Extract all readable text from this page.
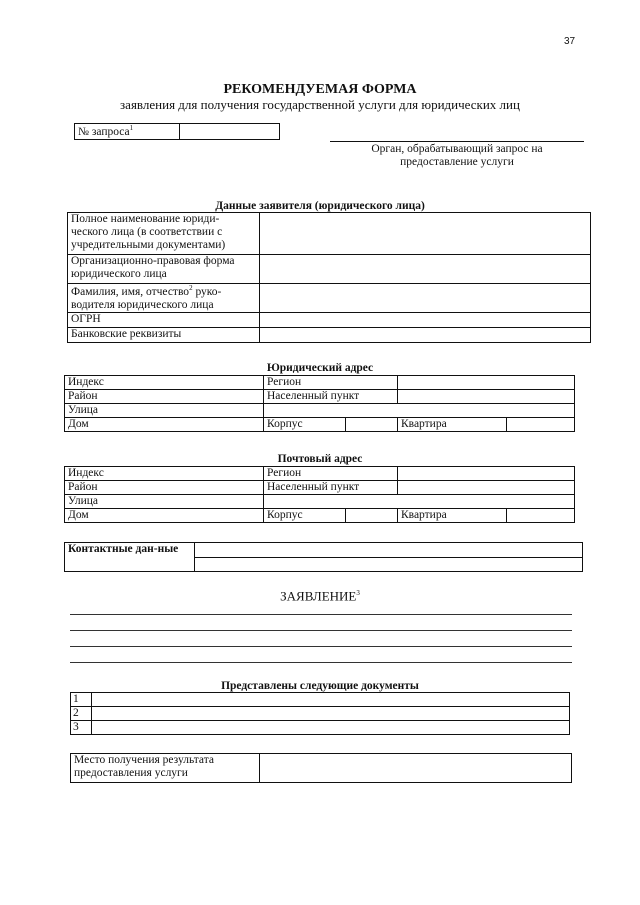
37
РЕКОМЕНДУЕМАЯ ФОРМА
заявления для получения государственной услуги для юридических лиц
№ запроса$^1$	
Орган, обрабатывающий запрос на
предоставление услуги
Данные заявителя (юридического лица)
Полное наименование юриди-ческого лица (в соответствии с учредительными документами)	
Организационно-правовая форма юридического лица	
Фамилия, имя, отчество$^2$ руко-водителя юридического лица	
ОГРН	
Банковские реквизиты	
Юридический адрес
Индекс	Регион		
Район	Населенный пункт		
Улица			
Дом	Корпус	Квартира	
Почтовый адрес
Индекс	Регион		
Район	Населенный пункт		
Улица			
Дом	Корпус	Квартира	
Контактные дан-ные	

ЗАЯВЛЕНИЕ$^3$
Представлены следующие документы
1	
2	
3	
Место получения результата предоставления услуги	
